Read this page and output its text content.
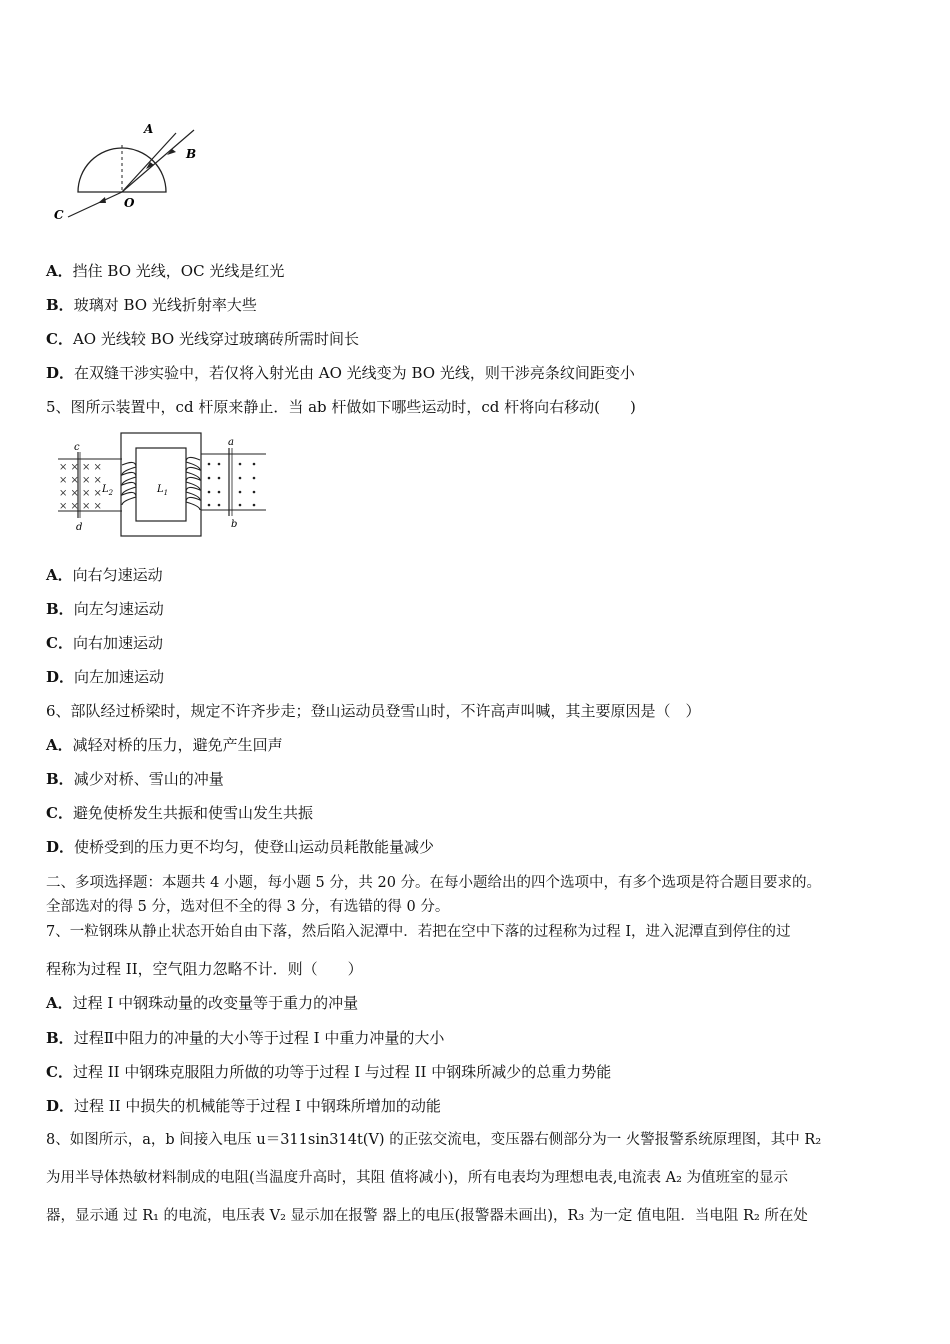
A
B
C
O
A．挡住 BO 光线，OC 光线是红光
B．玻璃对 BO 光线折射率大些
C．AO 光线较 BO 光线穿过玻璃砖所需时间长
D．在双缝干涉实验中，若仅将入射光由 AO 光线变为 BO 光线，则干涉亮条纹间距变小
5、图所示装置中，cd 杆原来静止．当 ab 杆做如下哪些运动时，cd 杆将向右移动(　　)
× × × ×
× × × ×
× × × ×
× × × ×
c
d
$L_2$	$L_1$
a
b
A．向右匀速运动
B．向左匀速运动
C．向右加速运动
D．向左加速运动
6、部队经过桥梁时，规定不许齐步走；登山运动员登雪山时，不许高声叫喊，其主要原因是（　）
A．减轻对桥的压力，避免产生回声
B．减少对桥、雪山的冲量
C．避免使桥发生共振和使雪山发生共振
D．使桥受到的压力更不均匀，使登山运动员耗散能量减少
二、多项选择题：本题共 4 小题，每小题 5 分，共 20 分。在每小题给出的四个选项中，有多个选项是符合题目要求的。
全部选对的得 5 分，选对但不全的得 3 分，有选错的得 0 分。
7、一粒钢珠从静止状态开始自由下落，然后陷入泥潭中．若把在空中下落的过程称为过程 I，进入泥潭直到停住的过
程称为过程 II，空气阻力忽略不计．则（　　）
A．过程 I 中钢珠动量的改变量等于重力的冲量
B．过程Ⅱ中阻力的冲量的大小等于过程 I 中重力冲量的大小
C．过程 II 中钢珠克服阻力所做的功等于过程 I 与过程 II 中钢珠所减少的总重力势能
D．过程 II 中损失的机械能等于过程 I 中钢珠所增加的动能
8、如图所示，a，b 间接入电压 u＝311sin314t(V) 的正弦交流电，变压器右侧部分为一 火警报警系统原理图，其中 R₂
为用半导体热敏材料制成的电阻(当温度升高时，其阻 值将减小)，所有电表均为理想电表,电流表 A₂ 为值班室的显示
器，显示通 过 R₁ 的电流，电压表 V₂ 显示加在报警 器上的电压(报警器未画出)，R₃ 为一定 值电阻．当电阻 R₂ 所在处
